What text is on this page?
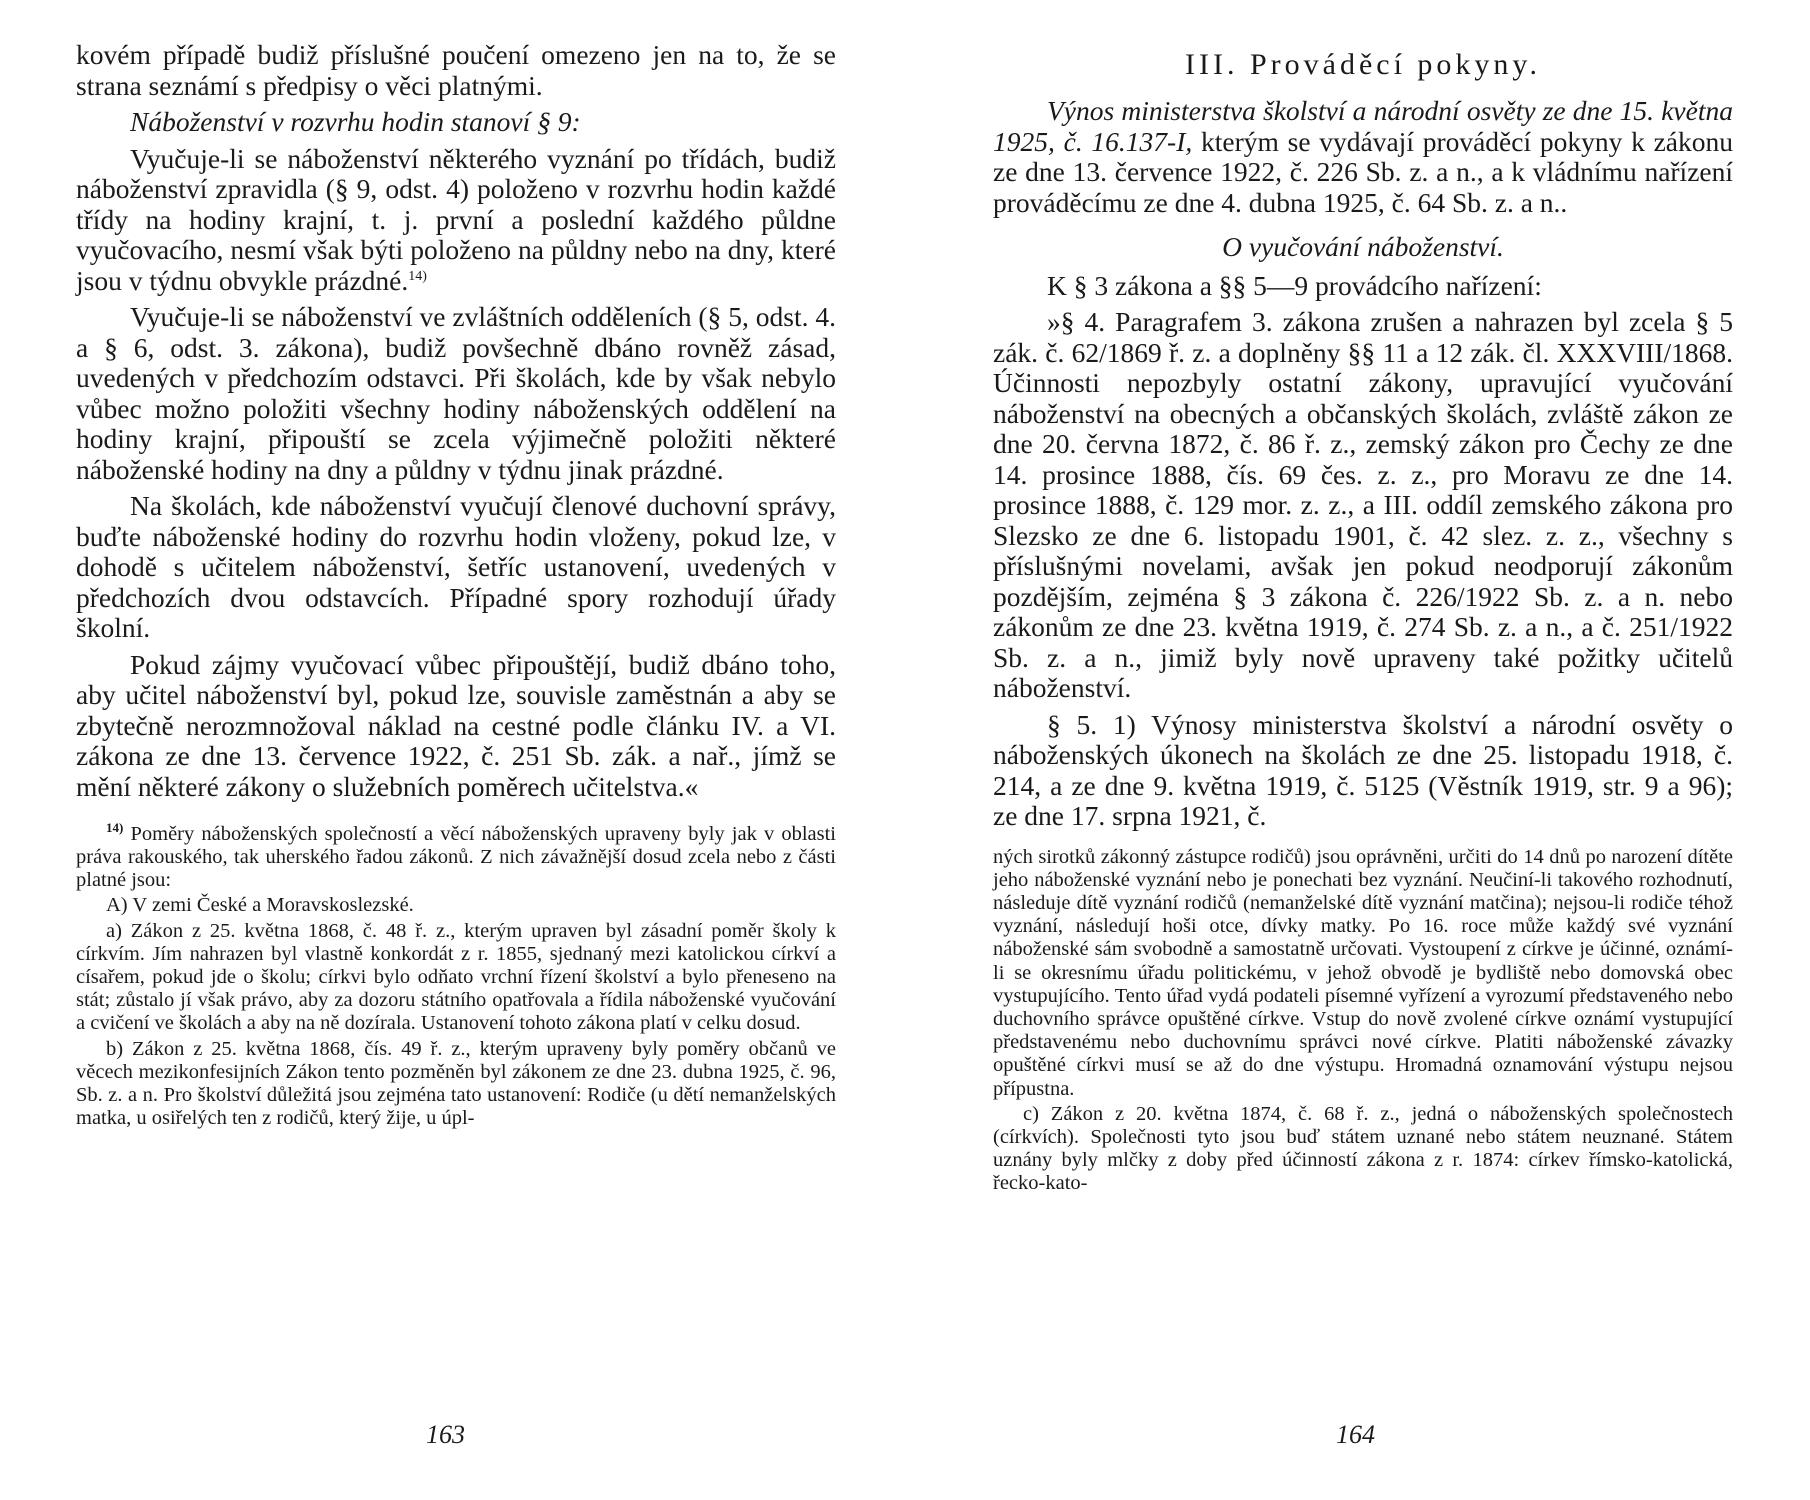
kovém případě budiž příslušné poučení omezeno jen na to, že se strana seznámí s předpisy o věci platnými.

Náboženství v rozvrhu hodin stanoví § 9:

Vyučuje-li se náboženství některého vyznání po třídách, budiž náboženství zpravidla (§ 9, odst. 4) položeno v rozvrhu hodin každé třídy na hodiny krajní, t. j. první a poslední každého půldne vyučovacího, nesmí však býti položeno na půldny nebo na dny, které jsou v týdnu obvykle prázdné.$^{14)}$

Vyučuje-li se náboženství ve zvláštních odděleních (§ 5, odst. 4. a § 6, odst. 3. zákona), budiž povšechně dbáno rovněž zásad, uvedených v předchozím odstavci. Při školách, kde by však nebylo vůbec možno položiti všechny hodiny náboženských oddělení na hodiny krajní, připouští se zcela výjimečně položiti některé náboženské hodiny na dny a půldny v týdnu jinak prázdné.

Na školách, kde náboženství vyučují členové duchovní správy, buďte náboženské hodiny do rozvrhu hodin vloženy, pokud lze, v dohodě s učitelem náboženství, šetříc ustanovení, uvedených v předchozích dvou odstavcích. Případné spory rozhodují úřady školní.

Pokud zájmy vyučovací vůbec připouštějí, budiž dbáno toho, aby učitel náboženství byl, pokud lze, souvisle zaměstnán a aby se zbytečně nerozmnožoval náklad na cestné podle článku IV. a VI. zákona ze dne 13. července 1922, č. 251 Sb. zák. a nař., jímž se mění některé zákony o služebních poměrech učitelstva.«

$^{14)}$ Poměry náboženských společností a věcí náboženských upraveny byly jak v oblasti práva rakouského, tak uherského řadou zákonů. Z nich závažnější dosud zcela nebo z části platné jsou:

A) V zemi České a Moravskoslezské.

a) Zákon z 25. května 1868, č. 48 ř. z., kterým upraven byl zásadní poměr školy k církvím. Jím nahrazen byl vlastně konkordát z r. 1855, sjednaný mezi katolickou církví a císařem, pokud jde o školu; církvi bylo odňato vrchní řízení školství a bylo přeneseno na stát; zůstalo jí však právo, aby za dozoru státního opatřovala a řídila náboženské vyučování a cvičení ve školách a aby na ně dozírala. Ustanovení tohoto zákona platí v celku dosud.

b) Zákon z 25. května 1868, čís. 49 ř. z., kterým upraveny byly poměry občanů ve věcech mezikonfesijních Zákon tento pozměněn byl zákonem ze dne 23. dubna 1925, č. 96, Sb. z. a n. Pro školství důležitá jsou zejména tato ustanovení: Rodiče (u dětí nemanželských matka, u osiřelých ten z rodičů, který žije, u úpl-

III. Prováděcí pokyny.

Výnos ministerstva školství a národní osvěty ze dne 15. května 1925, č. 16.137-I, kterým se vydávají prováděcí pokyny k zákonu ze dne 13. července 1922, č. 226 Sb. z. a n., a k vládnímu nařízení prováděcímu ze dne 4. dubna 1925, č. 64 Sb. z. a n..

O vyučování náboženství.

K § 3 zákona a §§ 5—9 provádcího nařízení:

»§ 4. Paragrafem 3. zákona zrušen a nahrazen byl zcela § 5 zák. č. 62/1869 ř. z. a doplněny §§ 11 a 12 zák. čl. XXXVIII/1868. Účinnosti nepozbyly ostatní zákony, upravující vyučování náboženství na obecných a občanských školách, zvláště zákon ze dne 20. června 1872, č. 86 ř. z., zemský zákon pro Čechy ze dne 14. prosince 1888, čís. 69 čes. z. z., pro Moravu ze dne 14. prosince 1888, č. 129 mor. z. z., a III. oddíl zemského zákona pro Slezsko ze dne 6. listopadu 1901, č. 42 slez. z. z., všechny s příslušnými novelami, avšak jen pokud neodporují zákonům pozdějším, zejména § 3 zákona č. 226/1922 Sb. z. a n. nebo zákonům ze dne 23. května 1919, č. 274 Sb. z. a n., a č. 251/1922 Sb. z. a n., jimiž byly nově upraveny také požitky učitelů náboženství.

§ 5. 1) Výnosy ministerstva školství a národní osvěty o náboženských úkonech na školách ze dne 25. listopadu 1918, č. 214, a ze dne 9. května 1919, č. 5125 (Věstník 1919, str. 9 a 96); ze dne 17. srpna 1921, č.

ných sirotků zákonný zástupce rodičů) jsou oprávněni, určiti do 14 dnů po narození dítěte jeho náboženské vyznání nebo je ponechati bez vyznání. Neučiní-li takového rozhodnutí, následuje dítě vyznání rodičů (nemanželské dítě vyznání matčina); nejsou-li rodiče téhož vyznání, následují hoši otce, dívky matky. Po 16. roce může každý své vyznání náboženské sám svobodně a samostatně určovati. Vystoupení z církve je účinné, oznámí-li se okresnímu úřadu politickému, v jehož obvodě je bydliště nebo domovská obec vystupujícího. Tento úřad vydá podateli písemné vyřízení a vyrozumí představeného nebo duchovního správce opuštěné církve. Vstup do nově zvolené církve oznámí vystupující představenému nebo duchovnímu správci nové církve. Platiti náboženské závazky opuštěné církvi musí se až do dne výstupu. Hromadná oznamování výstupu nejsou přípustna.

c) Zákon z 20. května 1874, č. 68 ř. z., jedná o náboženských společnostech (církvích). Společnosti tyto jsou buď státem uznané nebo státem neuznané. Státem uznány byly mlčky z doby před účinností zákona z r. 1874: církev římsko-katolická, řecko-kato-

163	164
